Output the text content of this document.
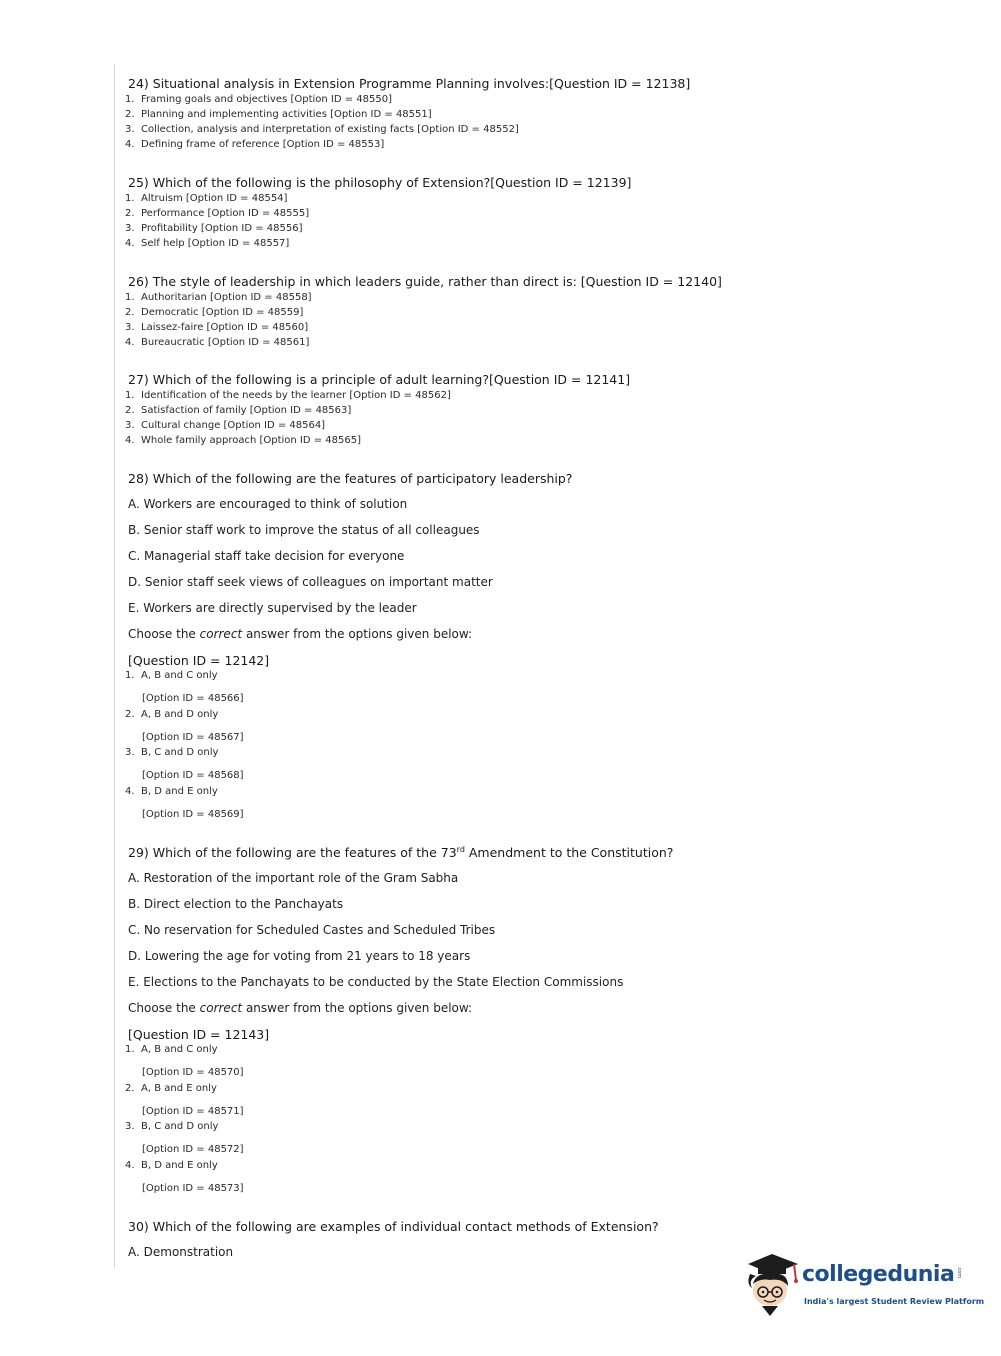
24) Situational analysis in Extension Programme Planning involves:[Question ID = 12138]
1. Framing goals and objectives [Option ID = 48550]
2. Planning and implementing activities [Option ID = 48551]
3. Collection, analysis and interpretation of existing facts [Option ID = 48552]
4. Defining frame of reference [Option ID = 48553]
25) Which of the following is the philosophy of Extension?[Question ID = 12139]
1. Altruism [Option ID = 48554]
2. Performance [Option ID = 48555]
3. Profitability [Option ID = 48556]
4. Self help [Option ID = 48557]
26) The style of leadership in which leaders guide, rather than direct is: [Question ID = 12140]
1. Authoritarian [Option ID = 48558]
2. Democratic [Option ID = 48559]
3. Laissez-faire [Option ID = 48560]
4. Bureaucratic [Option ID = 48561]
27) Which of the following is a principle of adult learning?[Question ID = 12141]
1. Identification of the needs by the learner [Option ID = 48562]
2. Satisfaction of family [Option ID = 48563]
3. Cultural change [Option ID = 48564]
4. Whole family approach [Option ID = 48565]
28) Which of the following are the features of participatory leadership?
A. Workers are encouraged to think of solution
B. Senior staff work to improve the status of all colleagues
C. Managerial staff take decision for everyone
D. Senior staff seek views of colleagues on important matter
E. Workers are directly supervised by the leader
Choose the correct answer from the options given below:
[Question ID = 12142]
1. A, B and C only
[Option ID = 48566]
2. A, B and D only
[Option ID = 48567]
3. B, C and D only
[Option ID = 48568]
4. B, D and E only
[Option ID = 48569]
29) Which of the following are the features of the 73rd Amendment to the Constitution?
A. Restoration of the important role of the Gram Sabha
B. Direct election to the Panchayats
C. No reservation for Scheduled Castes and Scheduled Tribes
D. Lowering the age for voting from 21 years to 18 years
E. Elections to the Panchayats to be conducted by the State Election Commissions
Choose the correct answer from the options given below:
[Question ID = 12143]
1. A, B and C only
[Option ID = 48570]
2. A, B and E only
[Option ID = 48571]
3. B, C and D only
[Option ID = 48572]
4. B, D and E only
[Option ID = 48573]
30) Which of the following are examples of individual contact methods of Extension?
A. Demonstration
collegedunia .com
India's largest Student Review Platform
